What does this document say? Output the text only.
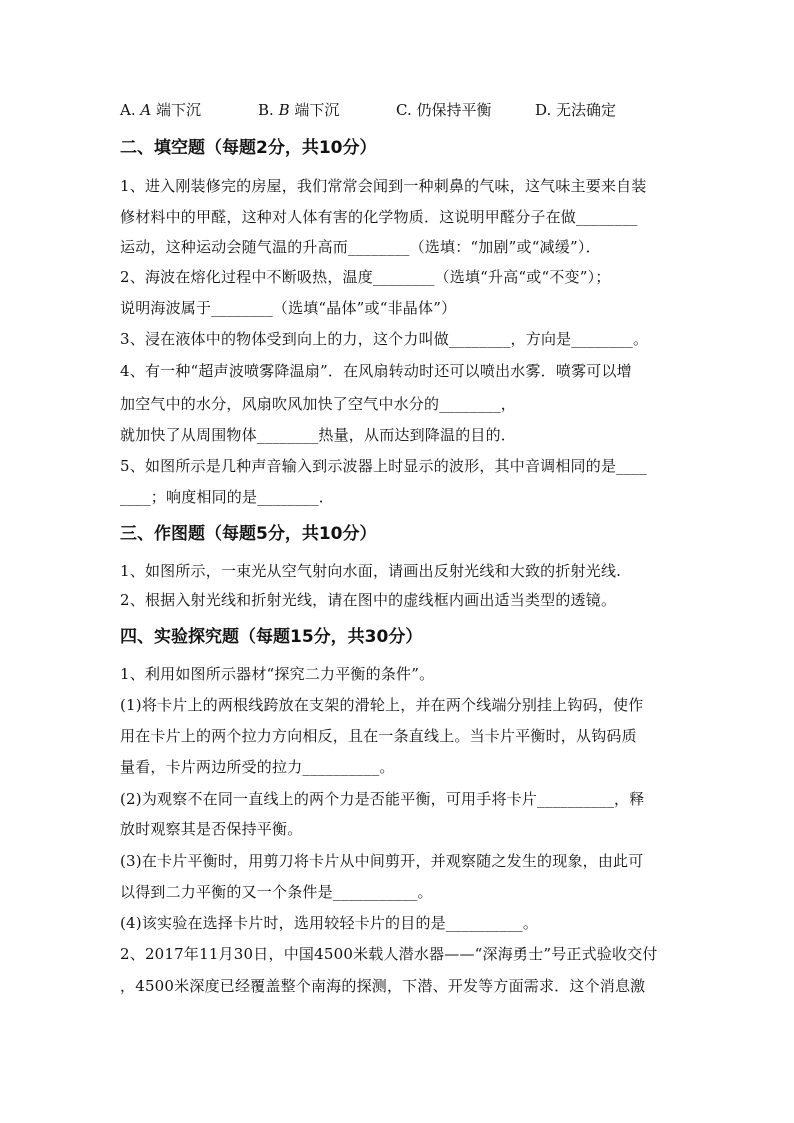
A. A 端下沉	B. B 端下沉	C. 仍保持平衡	D. 无法确定
二、填空题（每题2分，共10分）
1、进入刚装修完的房屋，我们常常会闻到一种刺鼻的气味，这气味主要来自装
修材料中的甲醛，这种对人体有害的化学物质．这说明甲醛分子在做________
运动，这种运动会随气温的升高而________（选填：“加剧”或“减缓”）．
2、海波在熔化过程中不断吸热，温度________（选填“升高“或“不变”）；
说明海波属于________（选填“晶体”或“非晶体”）
3、浸在液体中的物体受到向上的力，这个力叫做________，方向是________。
4、有一种“超声波喷雾降温扇”．在风扇转动时还可以喷出水雾．喷雾可以增
加空气中的水分，风扇吹风加快了空气中水分的________，
就加快了从周围物体________热量，从而达到降温的目的．
5、如图所示是几种声音输入到示波器上时显示的波形，其中音调相同的是____
____；响度相同的是________．
三、作图题（每题5分，共10分）
1、如图所示，一束光从空气射向水面，请画出反射光线和大致的折射光线.
2、根据入射光线和折射光线，请在图中的虚线框内画出适当类型的透镜。
四、实验探究题（每题15分，共30分）
1、利用如图所示器材“探究二力平衡的条件”。
(1)将卡片上的两根线跨放在支架的滑轮上，并在两个线端分别挂上钩码，使作
用在卡片上的两个拉力方向相反，且在一条直线上。当卡片平衡时，从钩码质
量看，卡片两边所受的拉力__________。
(2)为观察不在同一直线上的两个力是否能平衡，可用手将卡片__________，释
放时观察其是否保持平衡。
(3)在卡片平衡时，用剪刀将卡片从中间剪开，并观察随之发生的现象，由此可
以得到二力平衡的又一个条件是___________。
(4)该实验在选择卡片时，选用较轻卡片的目的是__________。
2、2017年11月30日，中国4500米载人潜水器——“深海勇士”号正式验收交付
，4500米深度已经覆盖整个南海的探测，下潜、开发等方面需求．这个消息激
